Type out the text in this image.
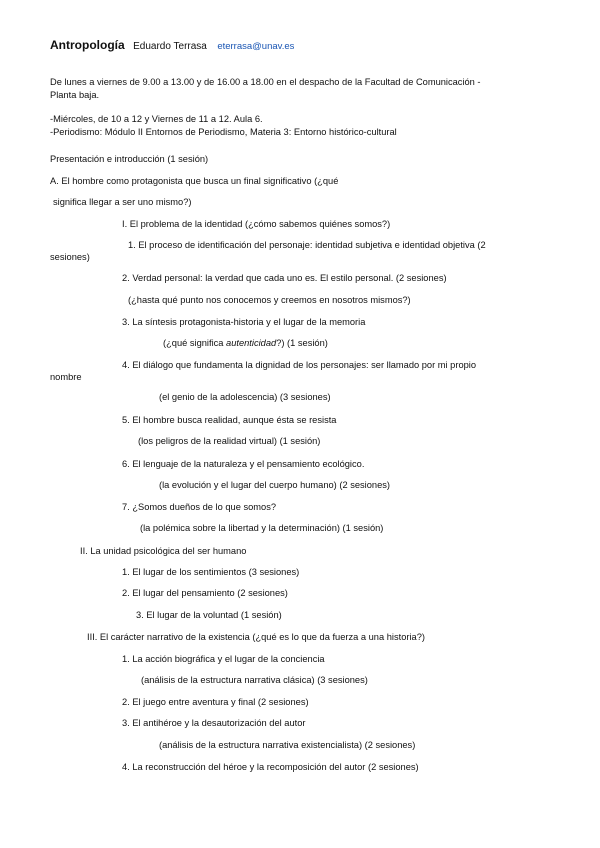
Antropología Eduardo Terrasa eterrasa@unav.es
De lunes a viernes de 9.00 a 13.00 y de 16.00 a 18.00 en el despacho de la Facultad de Comunicación -
Planta baja.
-Miércoles, de 10 a 12 y Viernes de 11 a 12. Aula 6.
-Periodismo: Módulo II Entornos de Periodismo, Materia 3: Entorno histórico-cultural
Presentación e introducción (1 sesión)
A. El hombre como protagonista que busca un final significativo (¿qué
significa llegar a ser uno mismo?)
I. El problema de la identidad (¿cómo sabemos quiénes somos?)
1. El proceso de identificación del personaje: identidad subjetiva e identidad objetiva (2
sesiones)
2. Verdad personal: la verdad que cada uno es. El estilo personal. (2 sesiones)
(¿hasta qué punto nos conocemos y creemos en nosotros mismos?)
3. La síntesis protagonista-historia y el lugar de la memoria
(¿qué significa autenticidad?) (1 sesión)
4. El diálogo que fundamenta la dignidad de los personajes: ser llamado por mi propio
nombre
(el genio de la adolescencia) (3 sesiones)
5. El hombre busca realidad, aunque ésta se resista
(los peligros de la realidad virtual) (1 sesión)
6. El lenguaje de la naturaleza y el pensamiento ecológico.
(la evolución y el lugar del cuerpo humano) (2 sesiones)
7. ¿Somos dueños de lo que somos?
(la polémica sobre la libertad y la determinación) (1 sesión)
II. La unidad psicológica del ser humano
1. El lugar de los sentimientos (3 sesiones)
2. El lugar del pensamiento (2 sesiones)
3. El lugar de la voluntad (1 sesión)
III. El carácter narrativo de la existencia (¿qué es lo que da fuerza a una historia?)
1. La acción biográfica y el lugar de la conciencia
(análisis de la estructura narrativa clásica) (3 sesiones)
2. El juego entre aventura y final (2 sesiones)
3. El antihéroe y la desautorización del autor
(análisis de la estructura narrativa existencialista) (2 sesiones)
4. La reconstrucción del héroe y la recomposición del autor (2 sesiones)
